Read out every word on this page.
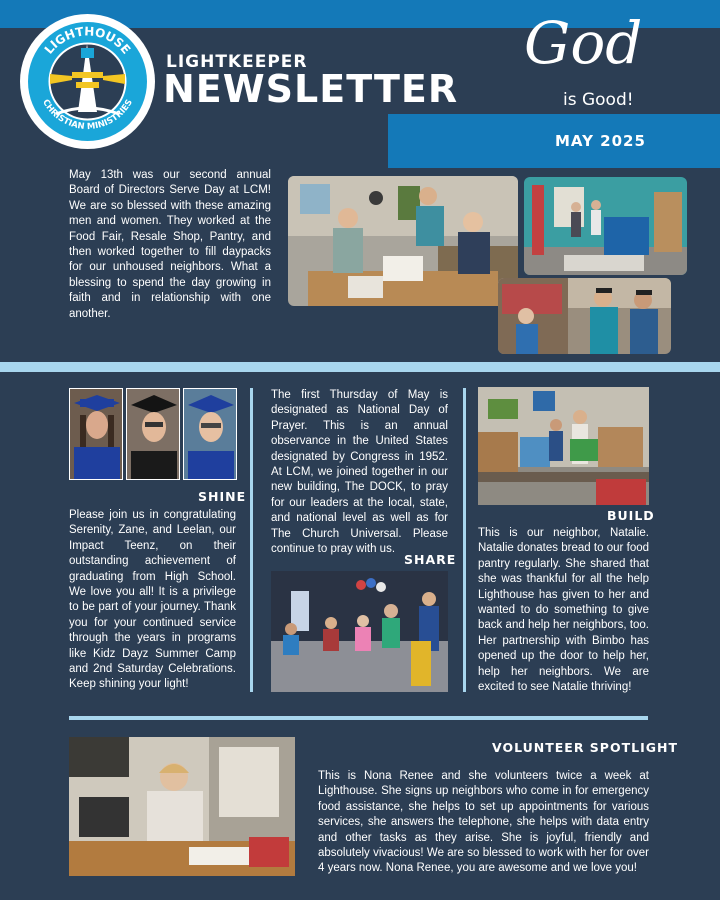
LIGHTHOUSE
CHRISTIAN MINISTRIES
LIGHTKEEPER
NEWSLETTER
God
is Good!
MAY 2025

May 13th was our second annual Board of Directors Serve Day at LCM! We are so blessed with these amazing men and women. They worked at the Food Fair, Resale Shop, Pantry, and then worked together to fill daypacks for our unhoused neighbors. What a blessing to spend the day growing in faith and in relationship with one another.

SHINE

Please join us in congratulating Serenity, Zane, and Leelan, our Impact Teenz, on their outstanding achievement of graduating from High School. We love you all! It is a privilege to be part of your journey. Thank you for your continued service through the years in programs like Kidz Dayz Summer Camp and 2nd Saturday Celebrations. Keep shining your light!

The first Thursday of May is designated as National Day of Prayer. This is an annual observance in the United States designated by Congress in 1952. At LCM, we joined together in our new building, The DOCK, to pray for our leaders at the local, state, and national level as well as for The Church Universal. Please continue to pray with us.

SHARE
BUILD

This is our neighbor, Natalie. Natalie donates bread to our food pantry regularly. She shared that she was thankful for all the help Lighthouse has given to her and wanted to do something to give back and help her neighbors, too. Her partnership with Bimbo has opened up the door to help her, help her neighbors. We are excited to see Natalie thriving!

VOLUNTEER SPOTLIGHT

This is Nona Renee and she volunteers twice a week at Lighthouse. She signs up neighbors who come in for emergency food assistance, she helps to set up appointments for various services, she answers the telephone, she helps with data entry and other tasks as they arise. She is joyful, friendly and absolutely vivacious! We are so blessed to work with her for over 4 years now. Nona Renee, you are awesome and we love you!
